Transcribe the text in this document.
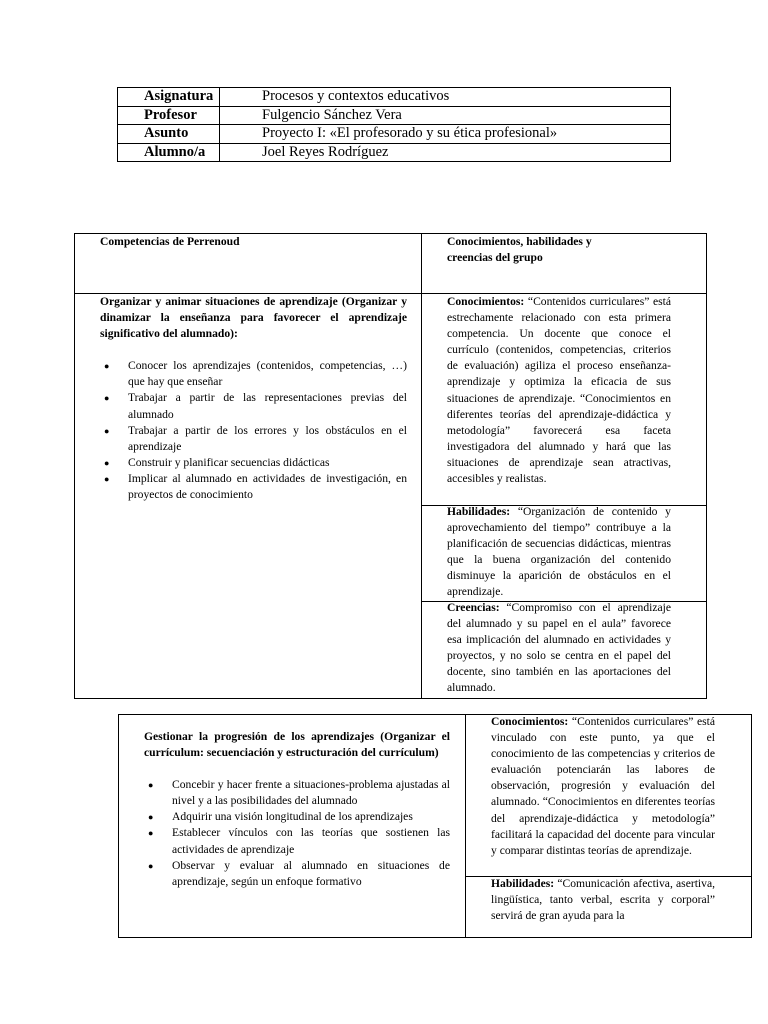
Asignatura	Procesos y contextos educativos
Profesor	Fulgencio Sánchez Vera
Asunto	Proyecto I: «El profesorado y su ética profesional»
Alumno/a	Joel Reyes Rodríguez
Competencias de Perrenoud	Conocimientos, habilidades y creencias del grupo

Organizar y animar situaciones de aprendizaje (Organizar y dinamizar la enseñanza para favorecer el aprendizaje significativo del alumnado):

● Conocer los aprendizajes (contenidos, competencias, …) que hay que enseñar
● Trabajar a partir de las representaciones previas del alumnado
● Trabajar a partir de los errores y los obstáculos en el aprendizaje
● Construir y planificar secuencias didácticas
● Implicar al alumnado en actividades de investigación, en proyectos de conocimiento
Conocimientos: “Contenidos curriculares” está estrechamente relacionado con esta primera competencia. Un docente que conoce el currículo (contenidos, competencias, criterios de evaluación) agiliza el proceso enseñanza-aprendizaje y optimiza la eficacia de sus situaciones de aprendizaje. “Conocimientos en diferentes teorías del aprendizaje-didáctica y metodología” favorecerá esa faceta investigadora del alumnado y hará que las situaciones de aprendizaje sean atractivas, accesibles y realistas.
Habilidades: “Organización de contenido y aprovechamiento del tiempo” contribuye a la planificación de secuencias didácticas, mientras que la buena organización del contenido disminuye la aparición de obstáculos en el aprendizaje.
Creencias: “Compromiso con el aprendizaje del alumnado y su papel en el aula” favorece esa implicación del alumnado en actividades y proyectos, y no solo se centra en el papel del docente, sino también en las aportaciones del alumnado.

Gestionar la progresión de los aprendizajes (Organizar el currículum: secuenciación y estructuración del currículum)

● Concebir y hacer frente a situaciones-problema ajustadas al nivel y a las posibilidades del alumnado
● Adquirir una visión longitudinal de los aprendizajes
● Establecer vínculos con las teorías que sostienen las actividades de aprendizaje
● Observar y evaluar al alumnado en situaciones de aprendizaje, según un enfoque formativo
Conocimientos: “Contenidos curriculares” está vinculado con este punto, ya que el conocimiento de las competencias y criterios de evaluación potenciarán las labores de observación, progresión y evaluación del alumnado. “Conocimientos en diferentes teorías del aprendizaje-didáctica y metodología” facilitará la capacidad del docente para vincular y comparar distintas teorías de aprendizaje.
Habilidades: “Comunicación afectiva, asertiva, lingüística, tanto verbal, escrita y corporal” servirá de gran ayuda para la
